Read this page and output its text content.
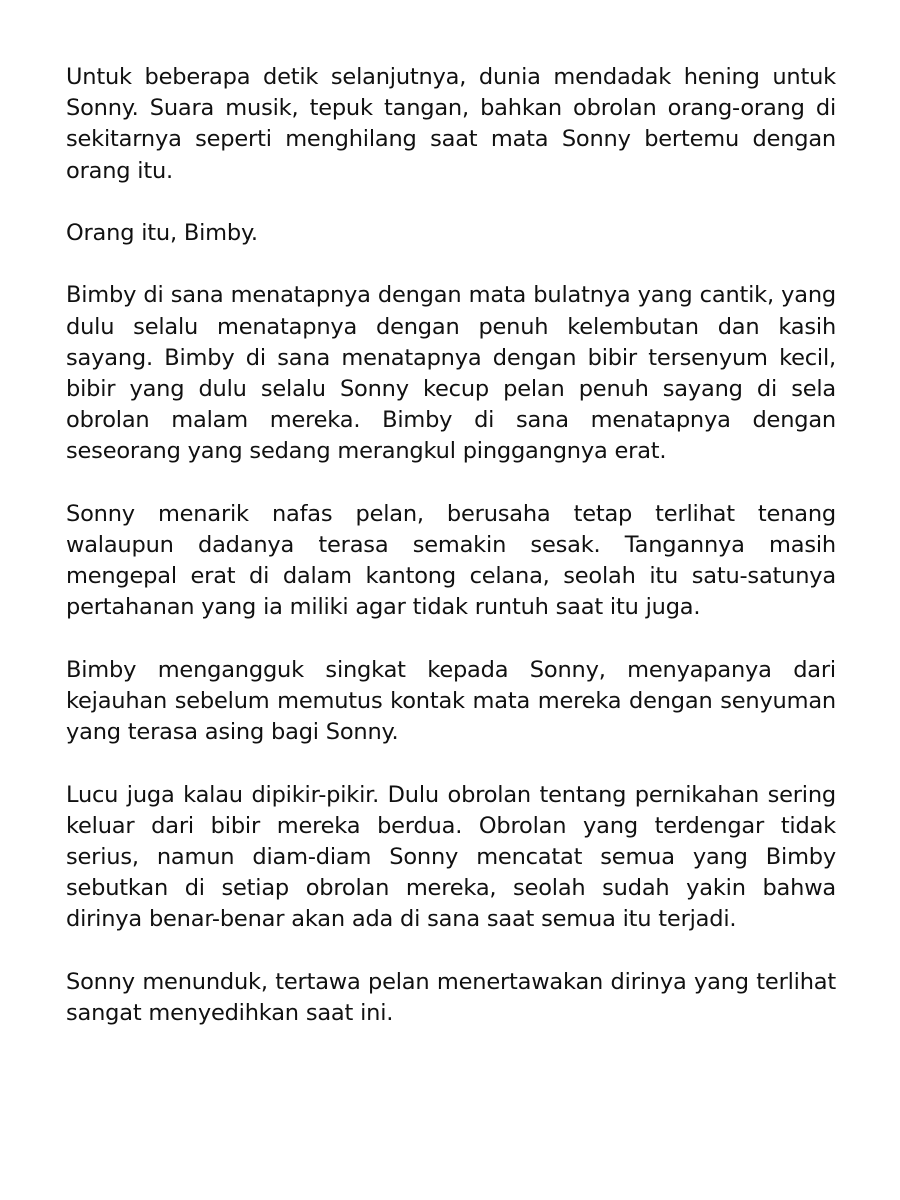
Untuk beberapa detik selanjutnya, dunia mendadak hening untuk Sonny. Suara musik, tepuk tangan, bahkan obrolan orang-orang di sekitarnya seperti menghilang saat mata Sonny bertemu dengan orang itu.

Orang itu, Bimby.

Bimby di sana menatapnya dengan mata bulatnya yang cantik, yang dulu selalu menatapnya dengan penuh kelembutan dan kasih sayang. Bimby di sana menatapnya dengan bibir tersenyum kecil, bibir yang dulu selalu Sonny kecup pelan penuh sayang di sela obrolan malam mereka. Bimby di sana menatapnya dengan seseorang yang sedang merangkul pinggangnya erat.

Sonny menarik nafas pelan, berusaha tetap terlihat tenang walaupun dadanya terasa semakin sesak. Tangannya masih mengepal erat di dalam kantong celana, seolah itu satu-satunya pertahanan yang ia miliki agar tidak runtuh saat itu juga.

Bimby mengangguk singkat kepada Sonny, menyapanya dari kejauhan sebelum memutus kontak mata mereka dengan senyuman yang terasa asing bagi Sonny.

Lucu juga kalau dipikir-pikir. Dulu obrolan tentang pernikahan sering keluar dari bibir mereka berdua. Obrolan yang terdengar tidak serius, namun diam-diam Sonny mencatat semua yang Bimby sebutkan di setiap obrolan mereka, seolah sudah yakin bahwa dirinya benar-benar akan ada di sana saat semua itu terjadi.

Sonny menunduk, tertawa pelan menertawakan dirinya yang terlihat sangat menyedihkan saat ini.
